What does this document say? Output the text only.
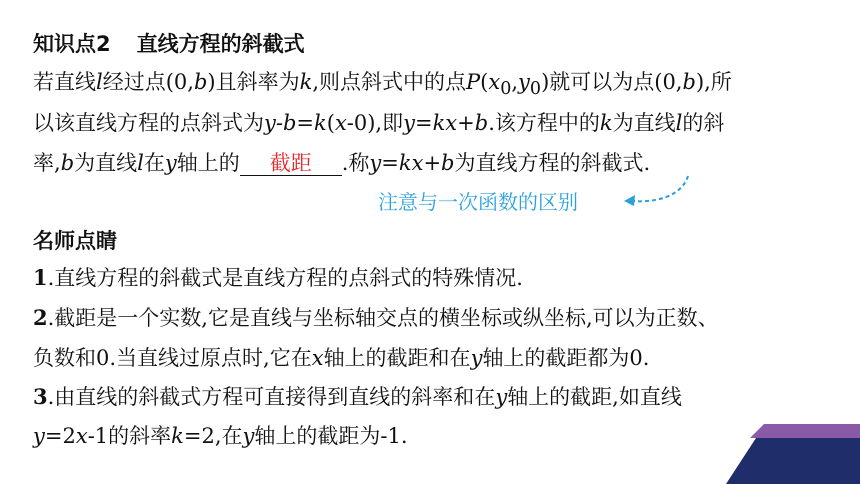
知识点2 直线方程的斜截式
若直线l经过点(0,b)且斜率为k,则点斜式中的点$P(x_0,y_0)$就可以为点(0,b),所
以该直线方程的点斜式为y-b=k(x-0),即y=kx+b.该方程中的k为直线l的斜
率,b为直线l在y轴上的 截距 .称y=kx+b为直线方程的斜截式.
注意与一次函数的区别
名师点睛
1.直线方程的斜截式是直线方程的点斜式的特殊情况.
2.截距是一个实数,它是直线与坐标轴交点的横坐标或纵坐标,可以为正数、
负数和0.当直线过原点时,它在x轴上的截距和在y轴上的截距都为0.
3.由直线的斜截式方程可直接得到直线的斜率和在y轴上的截距,如直线
y=2x-1的斜率k=2,在y轴上的截距为-1.
